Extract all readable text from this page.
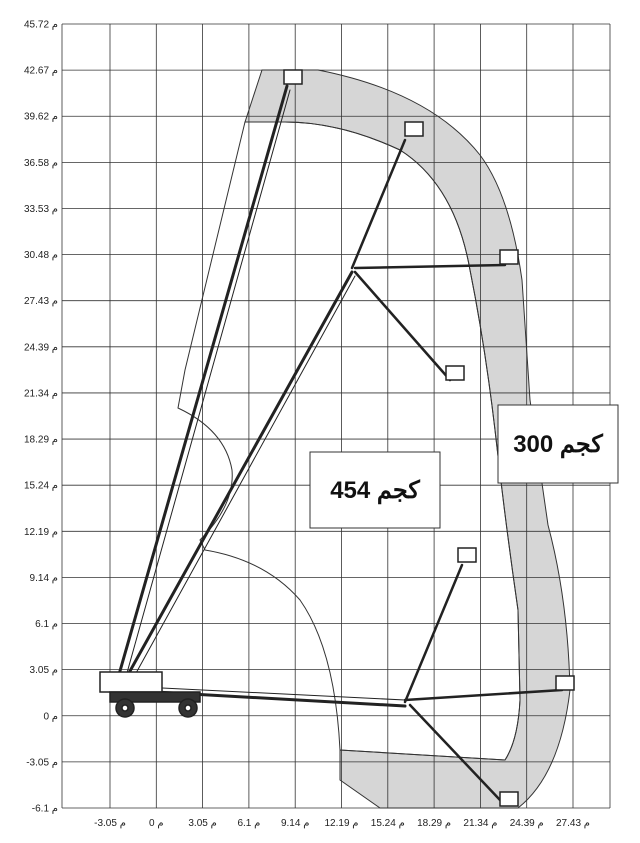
-3.05 م 0 م 3.05 م 6.1 م 9.14 م 12.19 م 15.24 م 18.29 م 21.34 م 24.39 م 27.43 م
45.72 م
42.67 م
39.62 م
36.58 م
33.53 م
30.48 م
27.43 م
24.39 م
21.34 م
18.29 م
15.24 م
12.19 م
9.14 م
6.1 م
3.05 م
0 م
-3.05 م
-6.1 م
454 كجم
300 كجم
